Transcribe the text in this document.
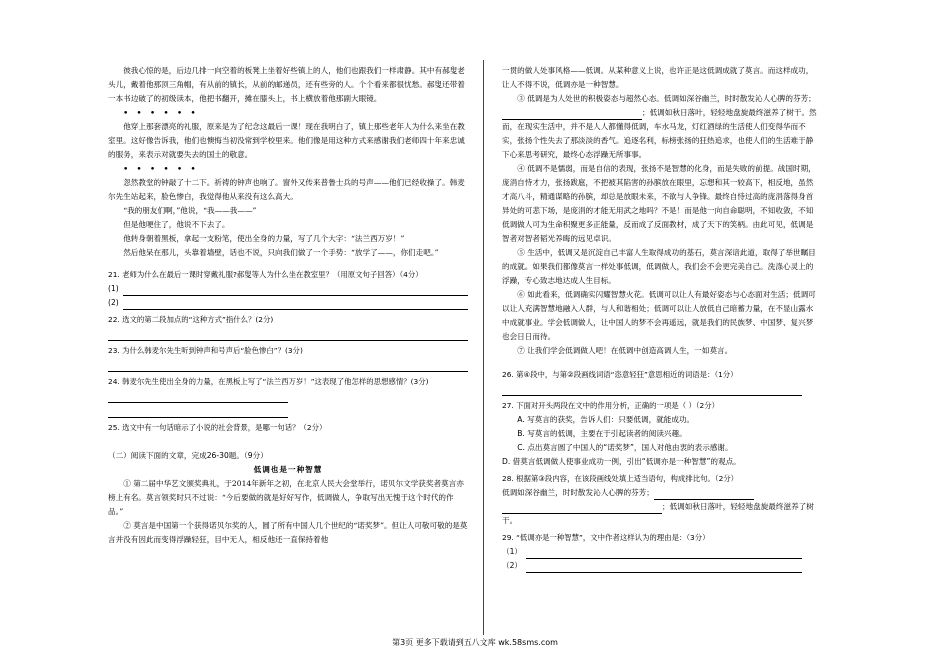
彼我心惊的是，后边几排一向空着的板凳上坐着好些镇上的人，他们也跟我们一样肃静。其中有郝叟老头儿，戴着他那顶三角帽，有从前的镇长，从前的邮递员，还有些旁的人。个个看来都很忧愁。郝叟还带着一本书边破了的初级读本，他把书翻开，摊在膝头上，书上横放着他那副大眼镜。

• • • • • •

他穿上那套漂亮的礼服，原来是为了纪念这最后一课！现在我明白了，镇上那些老年人为什么来坐在教室里。这好像告诉我，他们也懊悔当初没常到学校里来。他们像是用这种方式来感谢我们老师四十年来忠诚的服务，来表示对就要失去的国土的敬意。

• • • • • •

忽然教堂的钟敲了十二下。祈祷的钟声也响了。窗外又传来普鲁士兵的号声——他们已经收操了。韩麦尔先生站起来，脸色惨白，我觉得他从来没有这么高大。

“我的朋友们啊，”他说，“我——我——”

但是他哽住了，他说不下去了。

他转身朝着黑板，拿起一支粉笔，使出全身的力量，写了几个大字：“法兰西万岁！”

然后他呆在那儿，头靠着墙壁，话也不说，只向我们做了一个手势：“放学了——，你们走吧。”

21. 老师为什么在最后一课时穿戴礼服?郝叟等人为什么坐在教室里？（用原文句子回答）（4分）

(1)
(2)

22. 选文的第二段加点的“这种方式”指什么？(2分)

23. 为什么韩麦尔先生听到钟声和号声后“脸色惨白”？(3分)

24. 韩麦尔先生使出全身的力量，在黑板上写了“法兰西万岁！”这表现了他怎样的思想感情？(3分)

25. 选文中有一句话暗示了小说的社会背景，是哪一句话？（2分）

（二）阅读下面的文章，完成26-30题。（9分）

低调也是一种智慧

① 第二届中华艺文颁奖典礼，于2014年新年之初，在北京人民大会堂举行，诺贝尔文学获奖者莫言亦榜上有名。莫言领奖时只不过说：“今后要做的就是好好写作，低调做人，争取写出无愧于这个时代的作品。”

② 莫言是中国第一个获得诺贝尔奖的人，圆了所有中国人几个世纪的“诺奖梦”。但让人可敬可敬的是莫言并没有因此而变得浮躁轻狂，目中无人，相反他还一直保持着他

一贯的做人处事风格——低调。从某种意义上说，也许正是这低调成就了莫言。而这样成功，让人不得不说，低调亦是一种智慧。

③ 低调是为人处世的积极姿态与超然心态。低调如深谷幽兰，时时散发沁人心脾的芬芳；；低调如秋日落叶，轻轻地盘旋最终滋养了树干。然而，在现实生活中，并不是人人都懂得低调，车水马龙，灯红酒绿的生活使人们变得华而不实，张扬个性失去了那淡淡的香气。追逐名利，标榜张扬的狂热追求，也使人们的生活难于静下心来思考研究，最终心态浮躁无所事事。

④ 低调不是懦弱，而是自信的表现，张扬不是智慧的化身，而是失败的前提。战国时期，庞涓自恃才力，张扬跋扈，不把被其陷害的孙膑放在眼里，忘想和其一较高下，相反地，虽然才高八斗，精通谋略的孙膑，却总是放眼未来，不欲与人争锋。最终自恃过高的庞涓落得身首异处的可悲下场，是庞涓的才能无用武之地吗？不是！而是他一向自命聪明，不知收敛，不知低调做人可为生命积聚更多正能量，反而成了反面教材，成了天下的笑柄。由此可见，低调是智者对智者韬光养晦的远见卓识。

⑤ 生活中，低调又是沉淀自己丰富人生取得成功的基石，莫言深谙此道，取得了举世瞩目的成就。如果我们都像莫言一样处事低调，低调做人，我们会不会更完美自己。洗涤心灵上的浮躁，专心致志地达成人生目标。

⑥ 如此看来，低调确实闪耀智慧火花。低调可以让人有最好姿态与心态面对生活；低调可以让人充满智慧地融入人群，与人和谐相处；低调可以让人放低自己暗蓄力量，在不显山露水中成就事业。学会低调做人，让中国人的梦不会再遥远，就是我们的民族梦、中国梦、复兴梦也会日日而待。

⑦ 让我们学会低调做人吧！在低调中创造高调人生，一如莫言。

26. 第④段中，与第②段画线词语“恣意轻狂”意思相近的词语是：（1分）

27. 下面对开头两段在文中的作用分析，正确的一项是（ ）（2分）

A. 写莫言的获奖，告诉人们：只要低调，就能成功。

B. 写莫言的低调，主要在于引起读者的阅读兴趣。

C. 点出莫言圆了中国人的“诺奖梦”，国人对他由衷的表示感谢。

D. 借莫言低调做人使事业成功一例，引出“低调亦是一种智慧”的观点。

28. 根据第③段内容，在该段画线处填上适当语句，构成排比句。（2分）

低调如深谷幽兰，时时散发沁人心脾的芬芳；

；低调如秋日落叶，轻轻地盘旋最终滋养了树干。

29. “低调亦是一种智慧”，文中作者这样认为的理由是：（3分）

（1）
（2）
第3页 更多下载请到五八文库 wk.58sms.com
